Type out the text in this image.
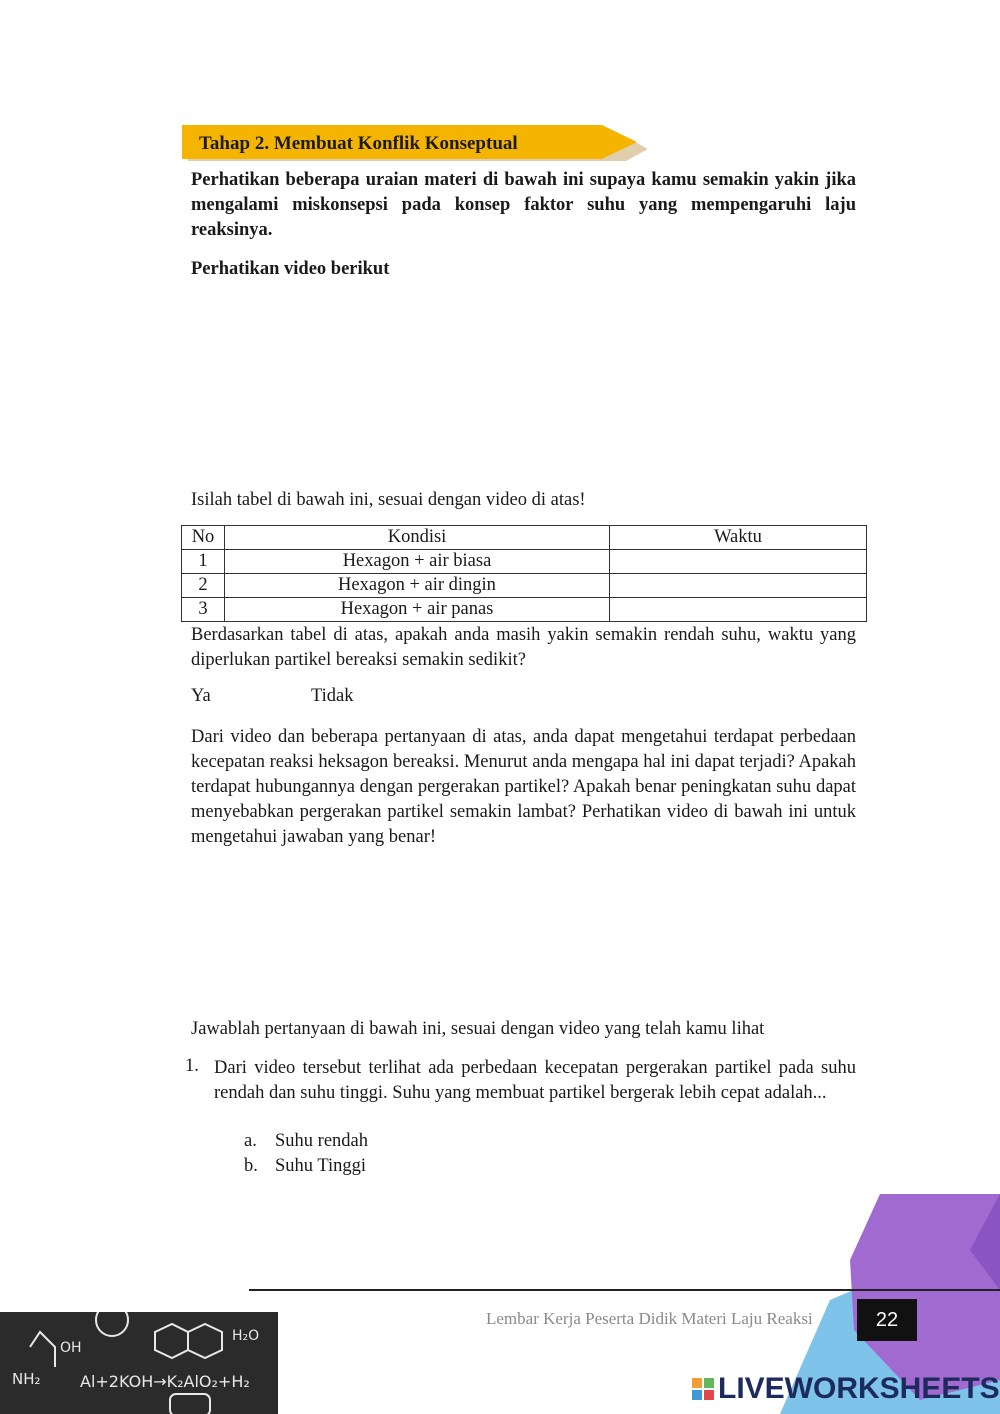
Tahap 2. Membuat Konflik Konseptual
Perhatikan beberapa uraian materi di bawah ini supaya kamu semakin yakin jika mengalami miskonsepsi pada konsep faktor suhu yang mempengaruhi laju reaksinya.
Perhatikan video berikut
Isilah tabel di bawah ini, sesuai dengan video di atas!
No	Kondisi	Waktu
1	Hexagon + air biasa	
2	Hexagon + air dingin	
3	Hexagon + air panas	
Berdasarkan tabel di atas, apakah anda masih yakin semakin rendah suhu, waktu yang diperlukan partikel bereaksi semakin sedikit?
Ya	Tidak
Dari video dan beberapa pertanyaan di atas, anda dapat mengetahui terdapat perbedaan kecepatan reaksi heksagon bereaksi. Menurut anda mengapa hal ini dapat terjadi? Apakah terdapat hubungannya dengan pergerakan partikel? Apakah benar peningkatan suhu dapat menyebabkan pergerakan partikel semakin lambat? Perhatikan video di bawah ini untuk mengetahui jawaban yang benar!
Jawablah pertanyaan di bawah ini, sesuai dengan video yang telah kamu lihat
1. Dari video tersebut terlihat ada perbedaan kecepatan pergerakan partikel pada suhu rendah dan suhu tinggi. Suhu yang membuat partikel bergerak lebih cepat adalah...
a. Suhu rendah
b. Suhu Tinggi
Lembar Kerja Peserta Didik Materi Laju Reaksi	22
NH₂
OH
H₂O
Al+2KOH→K₂AlO₂+H₂	LIVEWORKSHEETS
